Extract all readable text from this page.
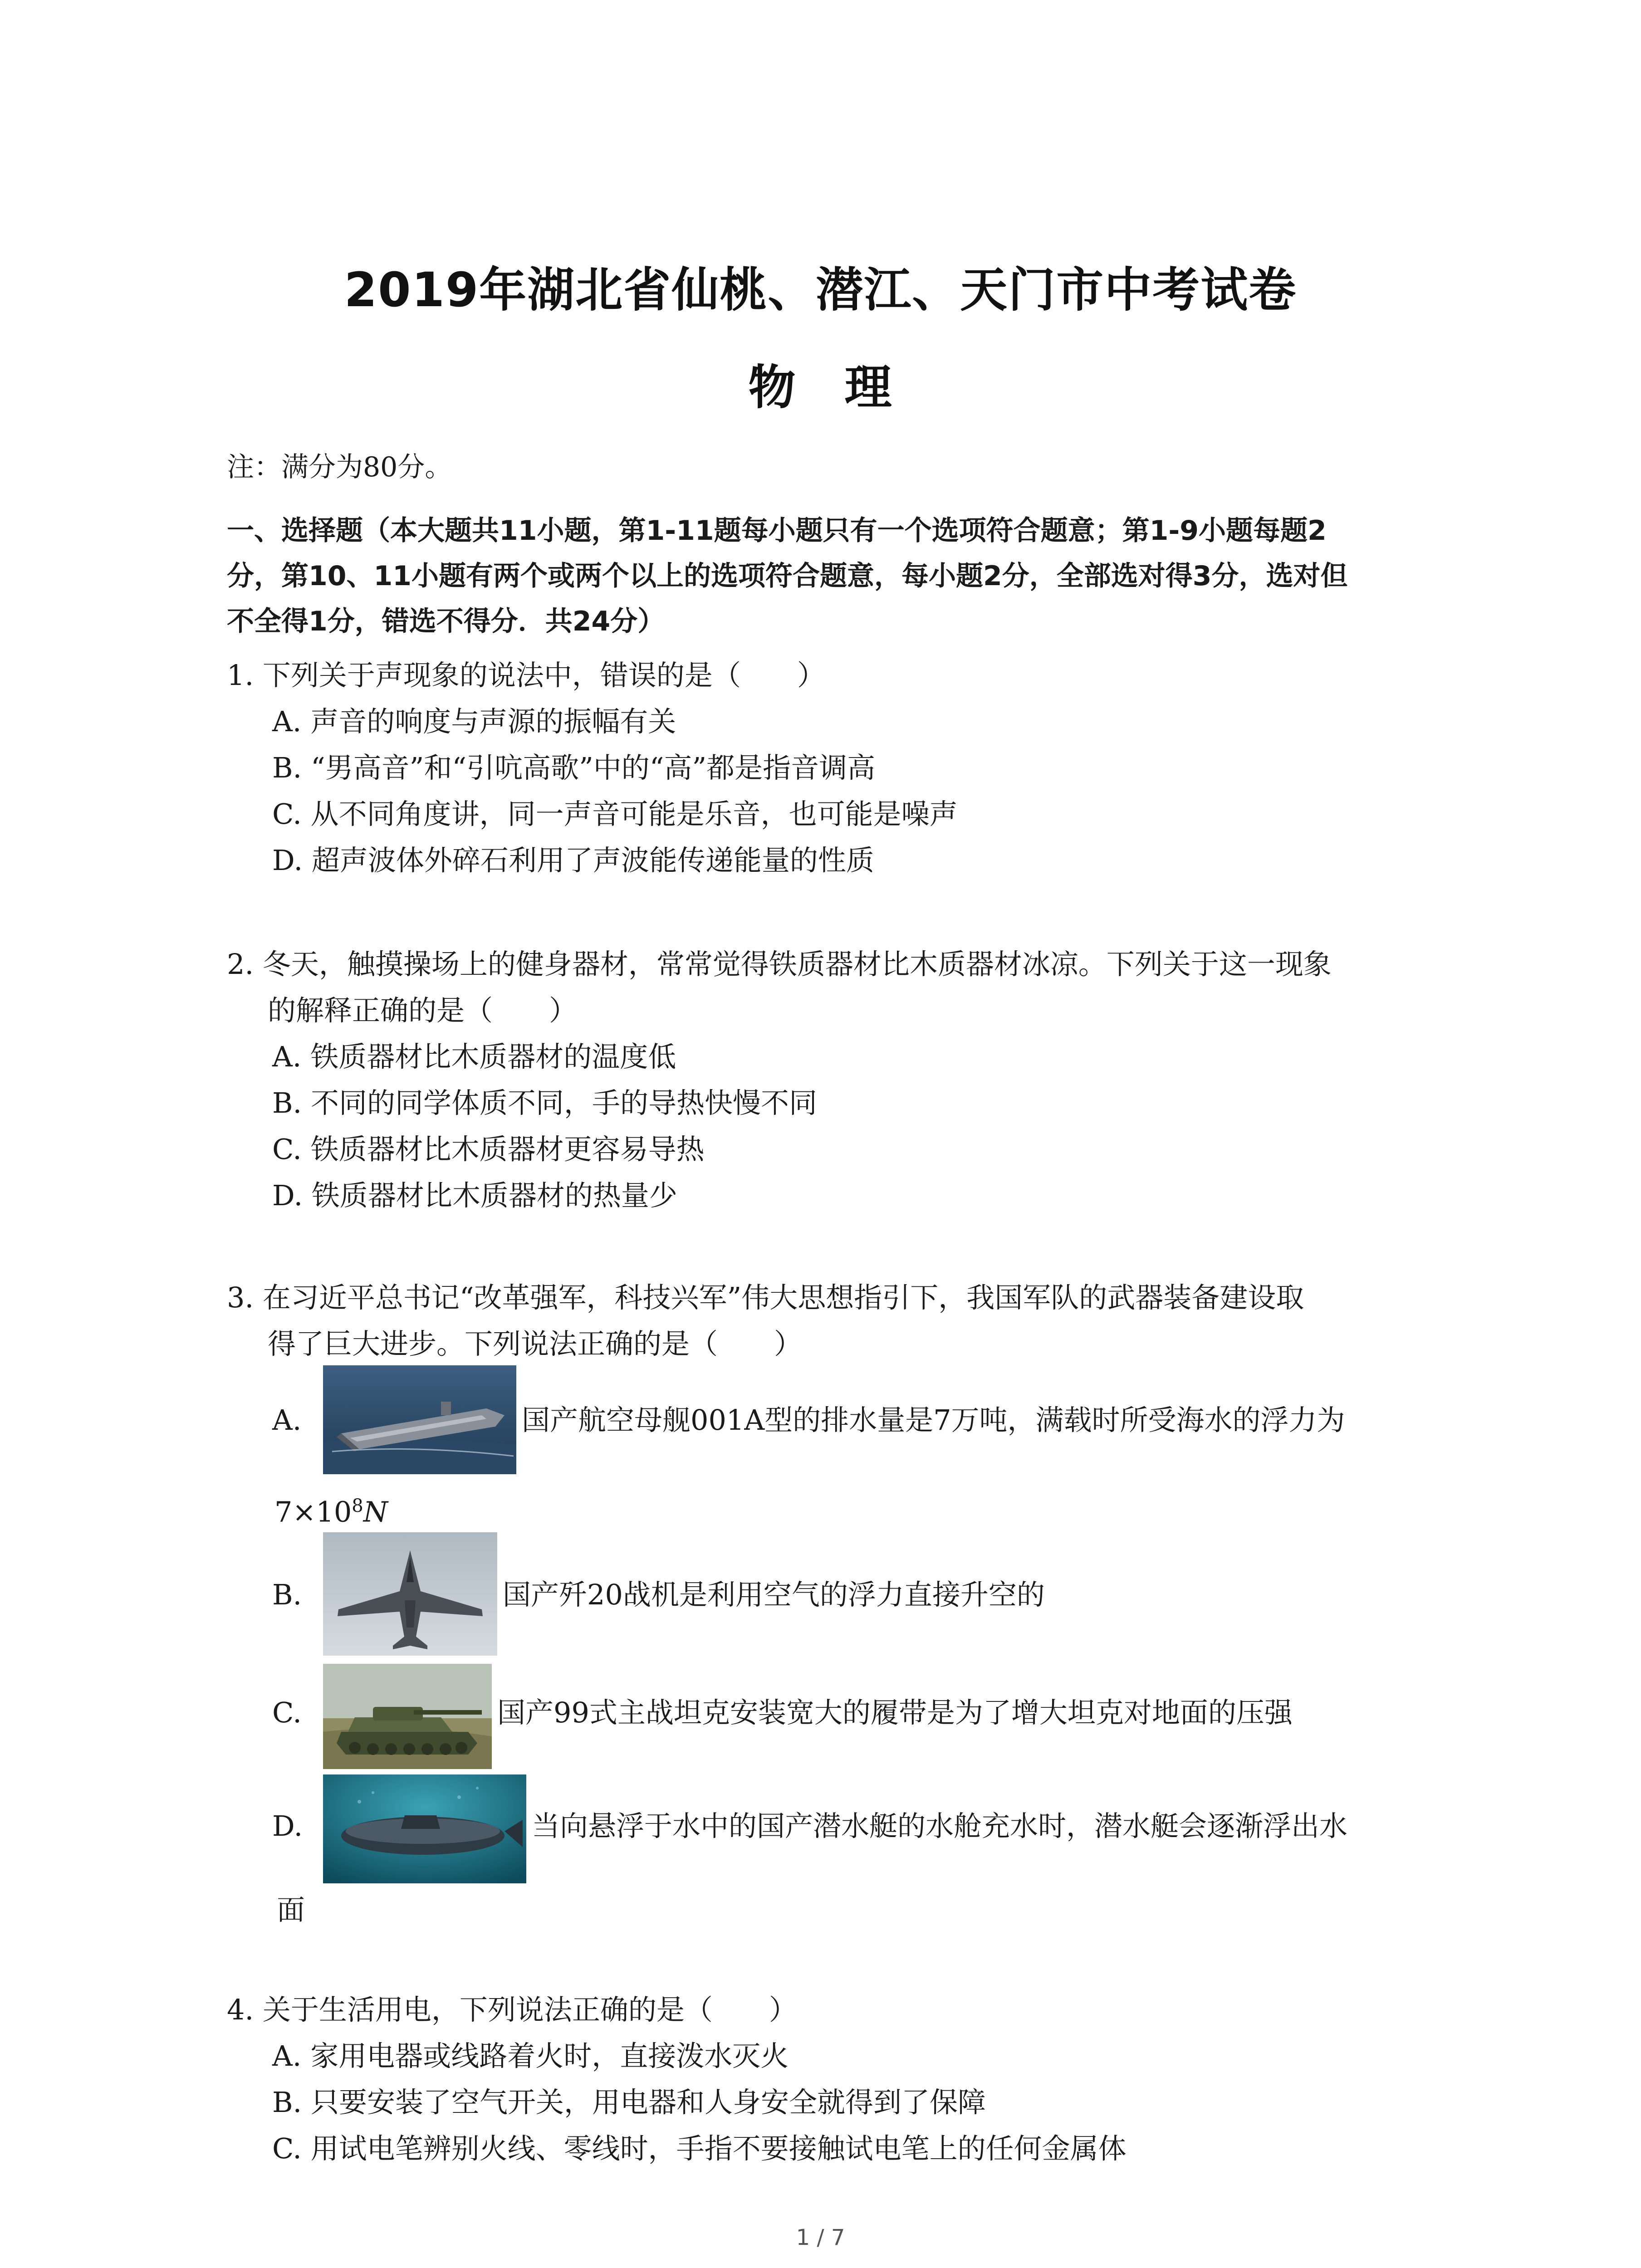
2019年湖北省仙桃、潜江、天门市中考试卷
物　理
注：满分为80分。
一、选择题（本大题共11小题，第1-11题每小题只有一个选项符合题意；第1-9小题每题2
分，第10、11小题有两个或两个以上的选项符合题意，每小题2分，全部选对得3分，选对但
不全得1分，错选不得分．共24分）
1. 下列关于声现象的说法中，错误的是（　　）
A. 声音的响度与声源的振幅有关
B. “男高音”和“引吭高歌”中的“高”都是指音调高
C. 从不同角度讲，同一声音可能是乐音，也可能是噪声
D. 超声波体外碎石利用了声波能传递能量的性质
2. 冬天，触摸操场上的健身器材，常常觉得铁质器材比木质器材冰凉。下列关于这一现象
的解释正确的是（　　）
A. 铁质器材比木质器材的温度低
B. 不同的同学体质不同，手的导热快慢不同
C. 铁质器材比木质器材更容易导热
D. 铁质器材比木质器材的热量少
3. 在习近平总书记“改革强军，科技兴军”伟大思想指引下，我国军队的武器装备建设取
得了巨大进步。下列说法正确的是（　　）
A.	国产航空母舰001A型的排水量是7万吨，满载时所受海水的浮力为
$7\times 10^8N$
B.	国产歼20战机是利用空气的浮力直接升空的
C.	国产99式主战坦克安装宽大的履带是为了增大坦克对地面的压强
D.	当向悬浮于水中的国产潜水艇的水舱充水时，潜水艇会逐渐浮出水
面
4. 关于生活用电，下列说法正确的是（　　）
A. 家用电器或线路着火时，直接泼水灭火
B. 只要安装了空气开关，用电器和人身安全就得到了保障
C. 用试电笔辨别火线、零线时，手指不要接触试电笔上的任何金属体
1 / 7
